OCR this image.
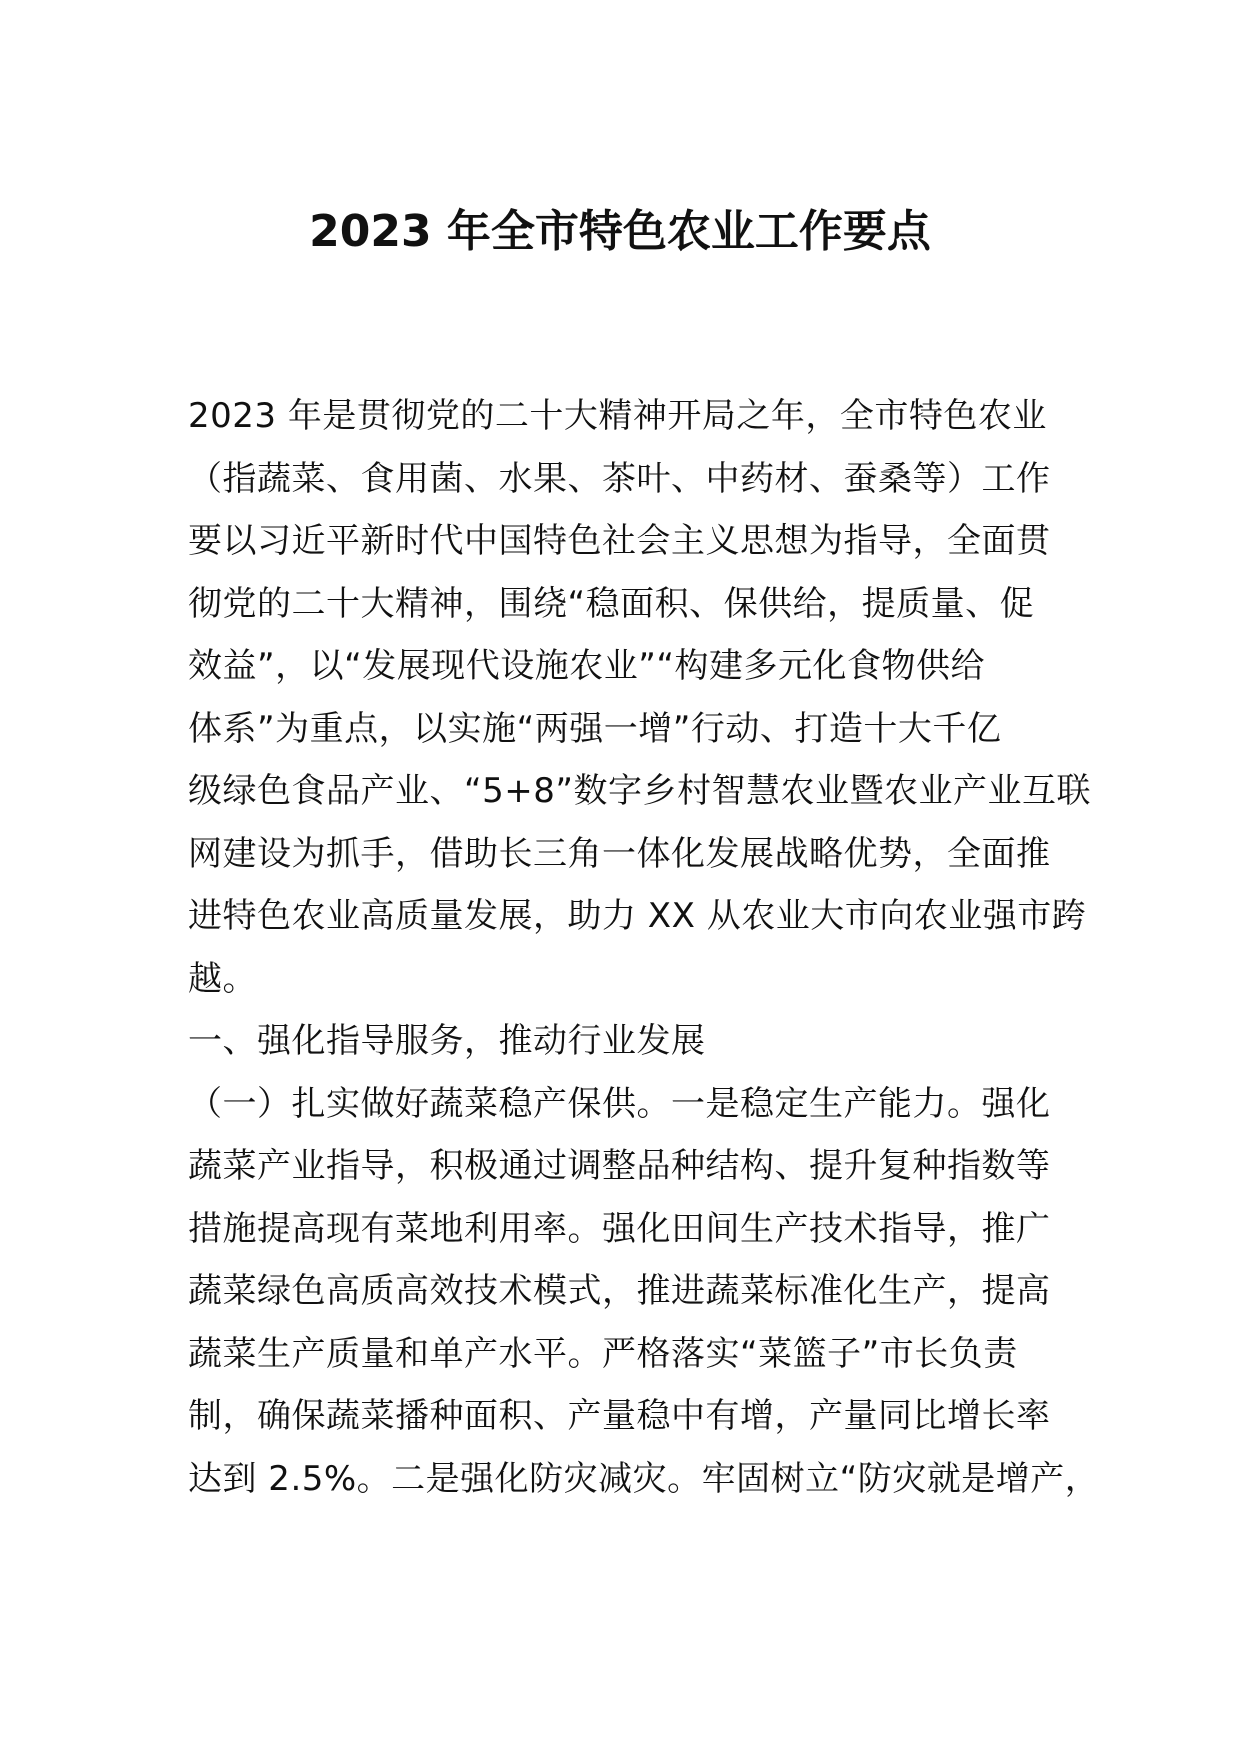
2023 年全市特色农业工作要点
2023 年是贯彻党的二十大精神开局之年，全市特色农业
（指蔬菜、食用菌、水果、茶叶、中药材、蚕桑等）工作
要以习近平新时代中国特色社会主义思想为指导，全面贯
彻党的二十大精神，围绕“稳面积、保供给，提质量、促
效益”，以“发展现代设施农业”“构建多元化食物供给
体系”为重点，以实施“两强一增”行动、打造十大千亿
级绿色食品产业、“5+8”数字乡村智慧农业暨农业产业互联
网建设为抓手，借助长三角一体化发展战略优势，全面推
进特色农业高质量发展，助力 XX 从农业大市向农业强市跨
越。
一、强化指导服务，推动行业发展
（一）扎实做好蔬菜稳产保供。一是稳定生产能力。强化
蔬菜产业指导，积极通过调整品种结构、提升复种指数等
措施提高现有菜地利用率。强化田间生产技术指导，推广
蔬菜绿色高质高效技术模式，推进蔬菜标准化生产，提高
蔬菜生产质量和单产水平。严格落实“菜篮子”市长负责
制，确保蔬菜播种面积、产量稳中有增，产量同比增长率
达到 2.5%。二是强化防灾减灾。牢固树立“防灾就是增产，
